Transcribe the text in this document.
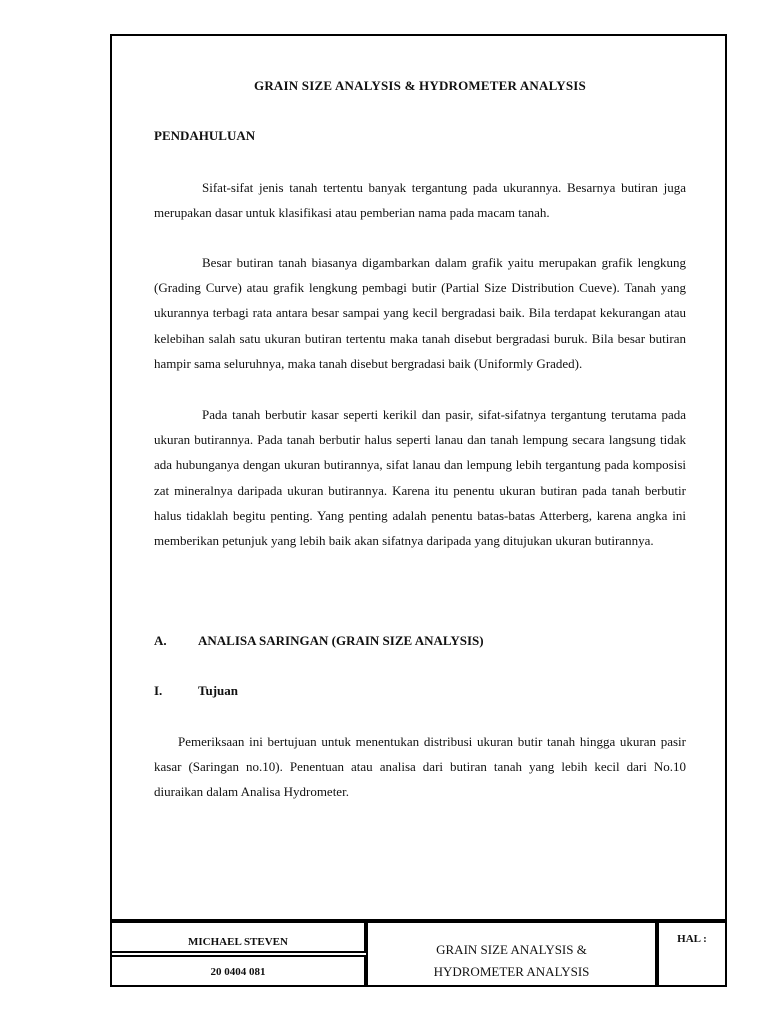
GRAIN SIZE ANALYSIS & HYDROMETER ANALYSIS
PENDAHULUAN

Sifat-sifat jenis tanah tertentu banyak tergantung pada ukurannya. Besarnya butiran juga merupakan dasar untuk klasifikasi atau pemberian nama pada macam tanah.

Besar butiran tanah biasanya digambarkan dalam grafik yaitu merupakan grafik lengkung (Grading Curve) atau grafik lengkung pembagi butir (Partial Size Distribution Cueve). Tanah yang ukurannya terbagi rata antara besar sampai yang kecil bergradasi baik. Bila terdapat kekurangan atau kelebihan salah satu ukuran butiran tertentu maka tanah disebut bergradasi buruk. Bila besar butiran hampir sama seluruhnya, maka tanah disebut bergradasi baik (Uniformly Graded).

Pada tanah berbutir kasar seperti kerikil dan pasir, sifat-sifatnya tergantung terutama pada ukuran butirannya. Pada tanah berbutir halus seperti lanau dan tanah lempung secara langsung tidak ada hubunganya dengan ukuran butirannya, sifat lanau dan lempung lebih tergantung pada komposisi zat mineralnya daripada ukuran butirannya. Karena itu penentu ukuran butiran pada tanah berbutir halus tidaklah begitu penting. Yang penting adalah penentu batas-batas Atterberg, karena angka ini memberikan petunjuk yang lebih baik akan sifatnya daripada yang ditujukan ukuran butirannya.

A. ANALISA SARINGAN (GRAIN SIZE ANALYSIS)
I.	Tujuan

Pemeriksaan ini bertujuan untuk menentukan distribusi ukuran butir tanah hingga ukuran pasir kasar (Saringan no.10). Penentuan atau analisa dari butiran tanah yang lebih kecil dari No.10 diuraikan dalam Analisa Hydrometer.

MICHAEL STEVEN
20 0404 081
GRAIN SIZE ANALYSIS &
HYDROMETER ANALYSIS
HAL :
